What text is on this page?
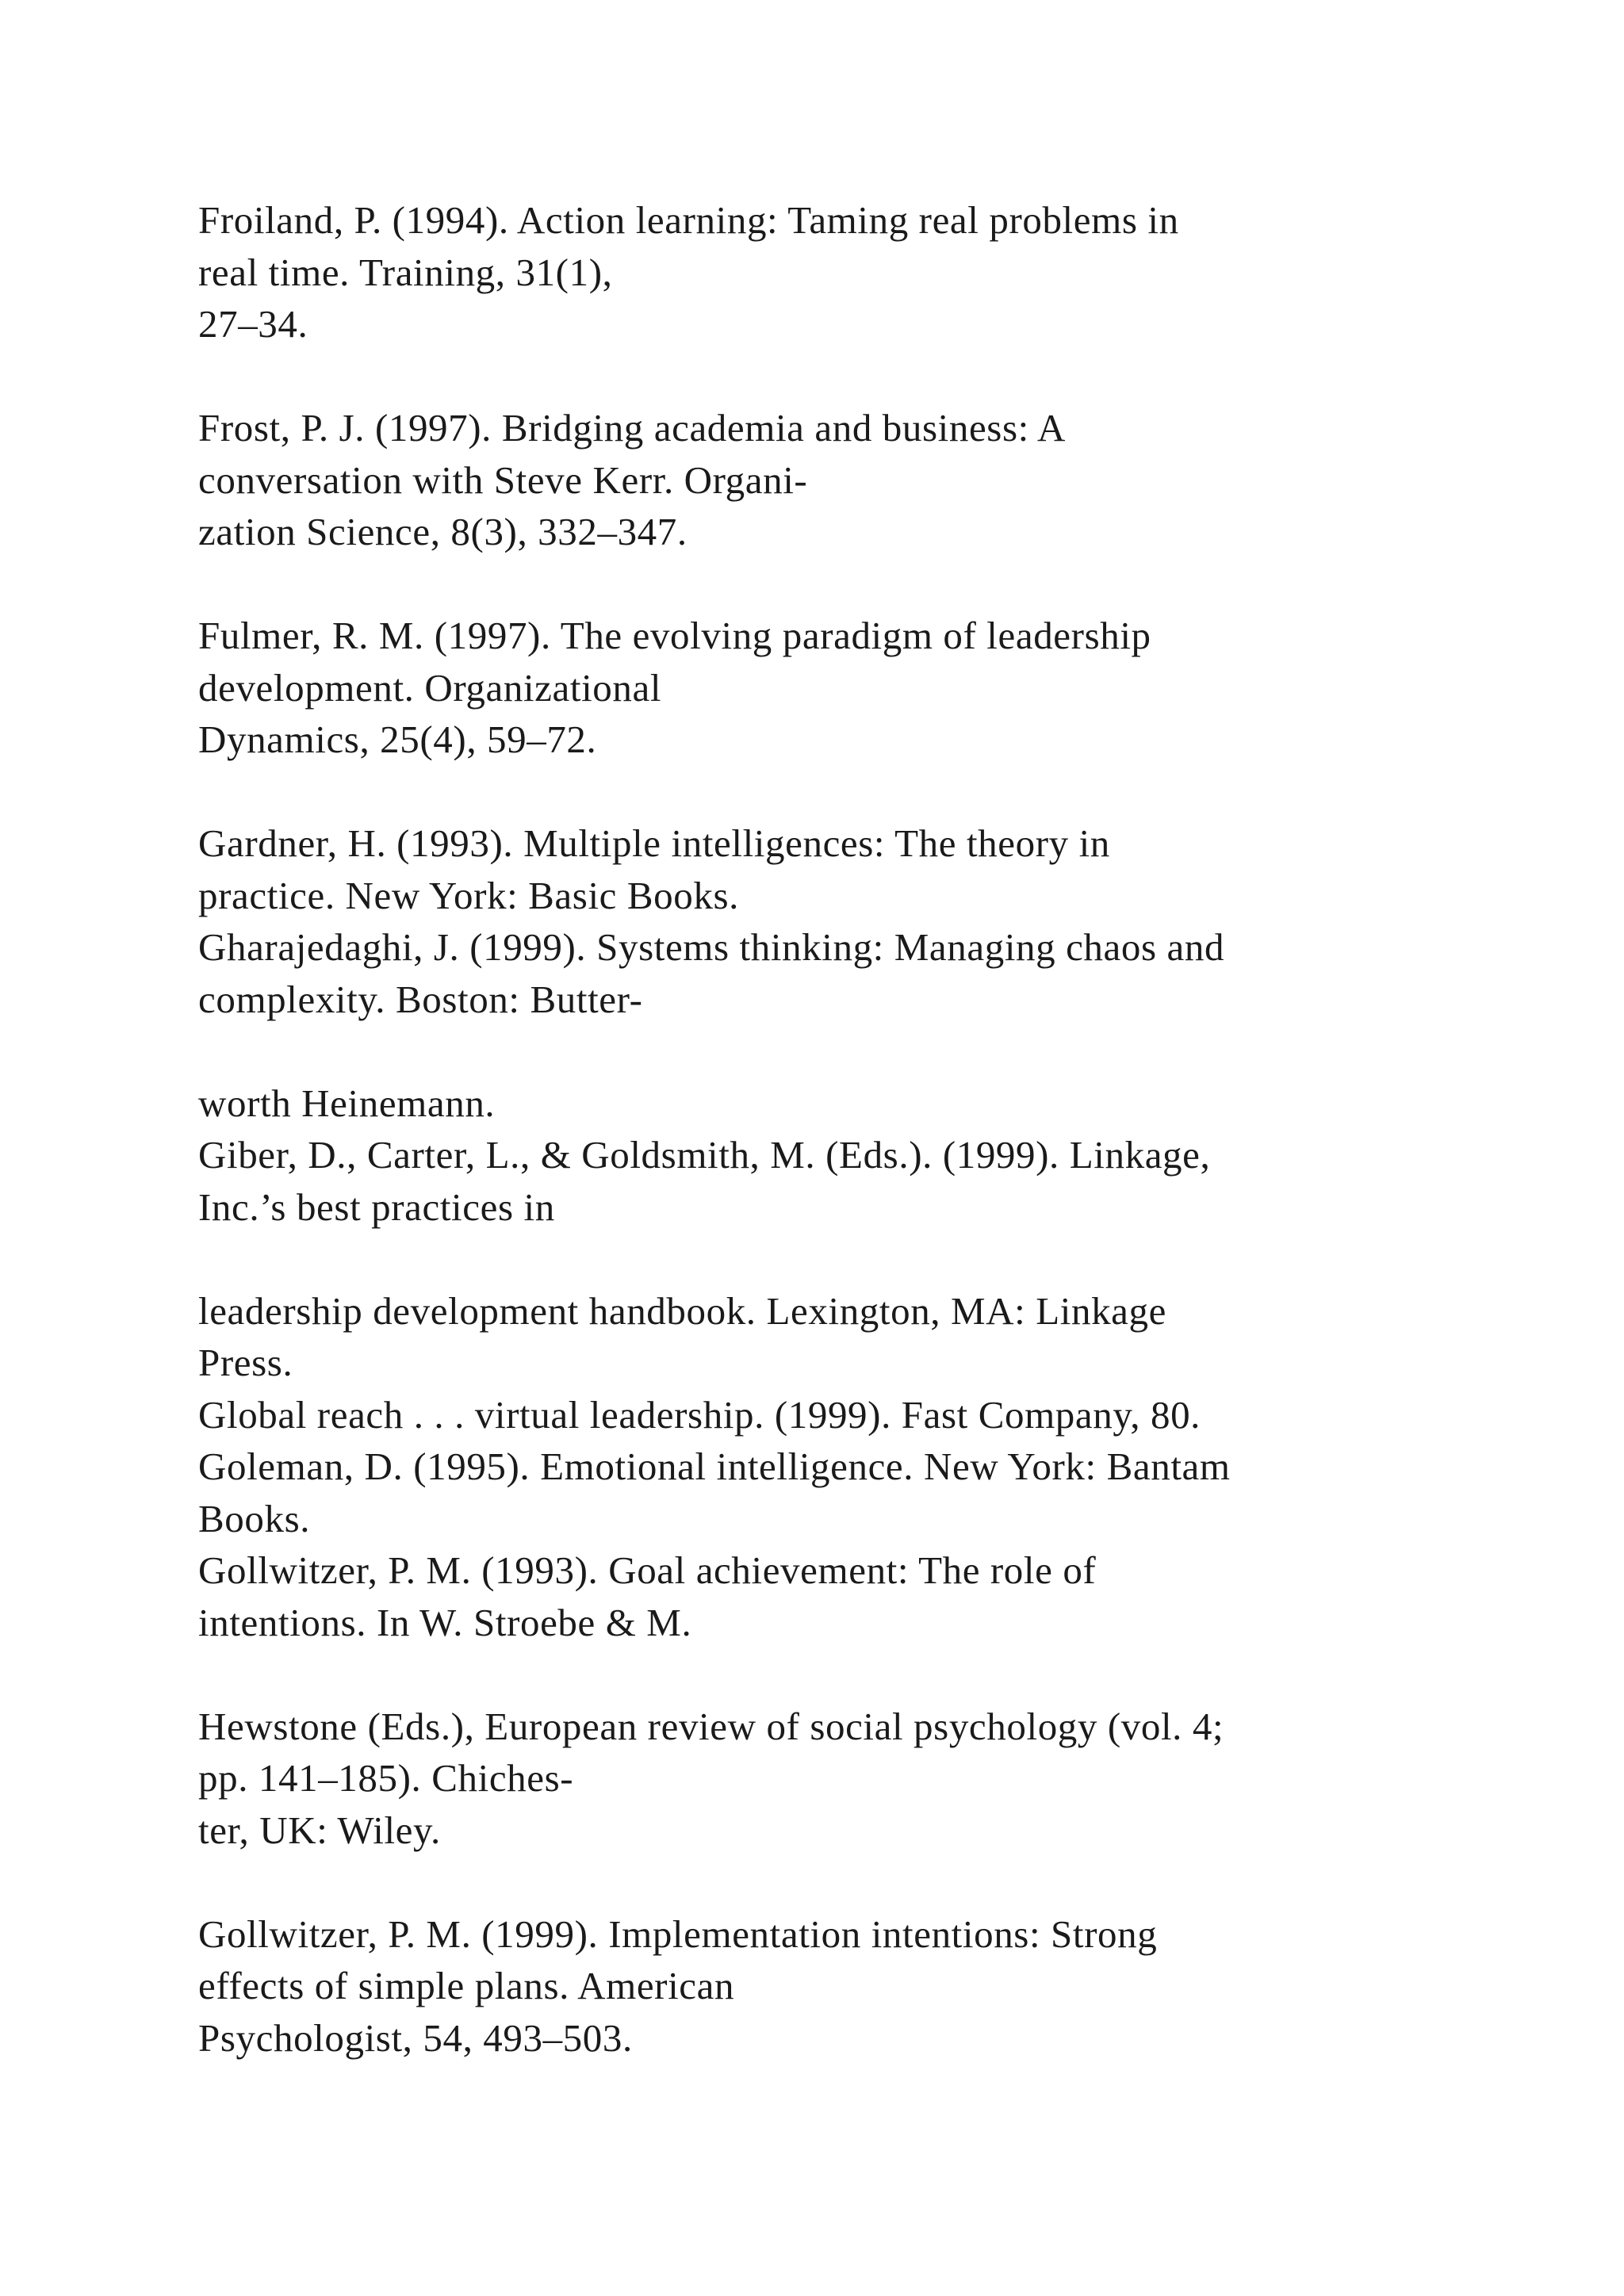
Froiland, P. (1994). Action learning: Taming real problems in
real time. Training, 31(1),
27–34.
Frost, P. J. (1997). Bridging academia and business: A
conversation with Steve Kerr. Organi-
zation Science, 8(3), 332–347.
Fulmer, R. M. (1997). The evolving paradigm of leadership
development. Organizational
Dynamics, 25(4), 59–72.
Gardner, H. (1993). Multiple intelligences: The theory in
practice. New York: Basic Books.
Gharajedaghi, J. (1999). Systems thinking: Managing chaos and
complexity. Boston: Butter-
worth Heinemann.
Giber, D., Carter, L., & Goldsmith, M. (Eds.). (1999). Linkage,
Inc.’s best practices in
leadership development handbook. Lexington, MA: Linkage
Press.
Global reach . . . virtual leadership. (1999). Fast Company, 80.
Goleman, D. (1995). Emotional intelligence. New York: Bantam
Books.
Gollwitzer, P. M. (1993). Goal achievement: The role of
intentions. In W. Stroebe & M.
Hewstone (Eds.), European review of social psychology (vol. 4;
pp. 141–185). Chiches-
ter, UK: Wiley.
Gollwitzer, P. M. (1999). Implementation intentions: Strong
effects of simple plans. American
Psychologist, 54, 493–503.
